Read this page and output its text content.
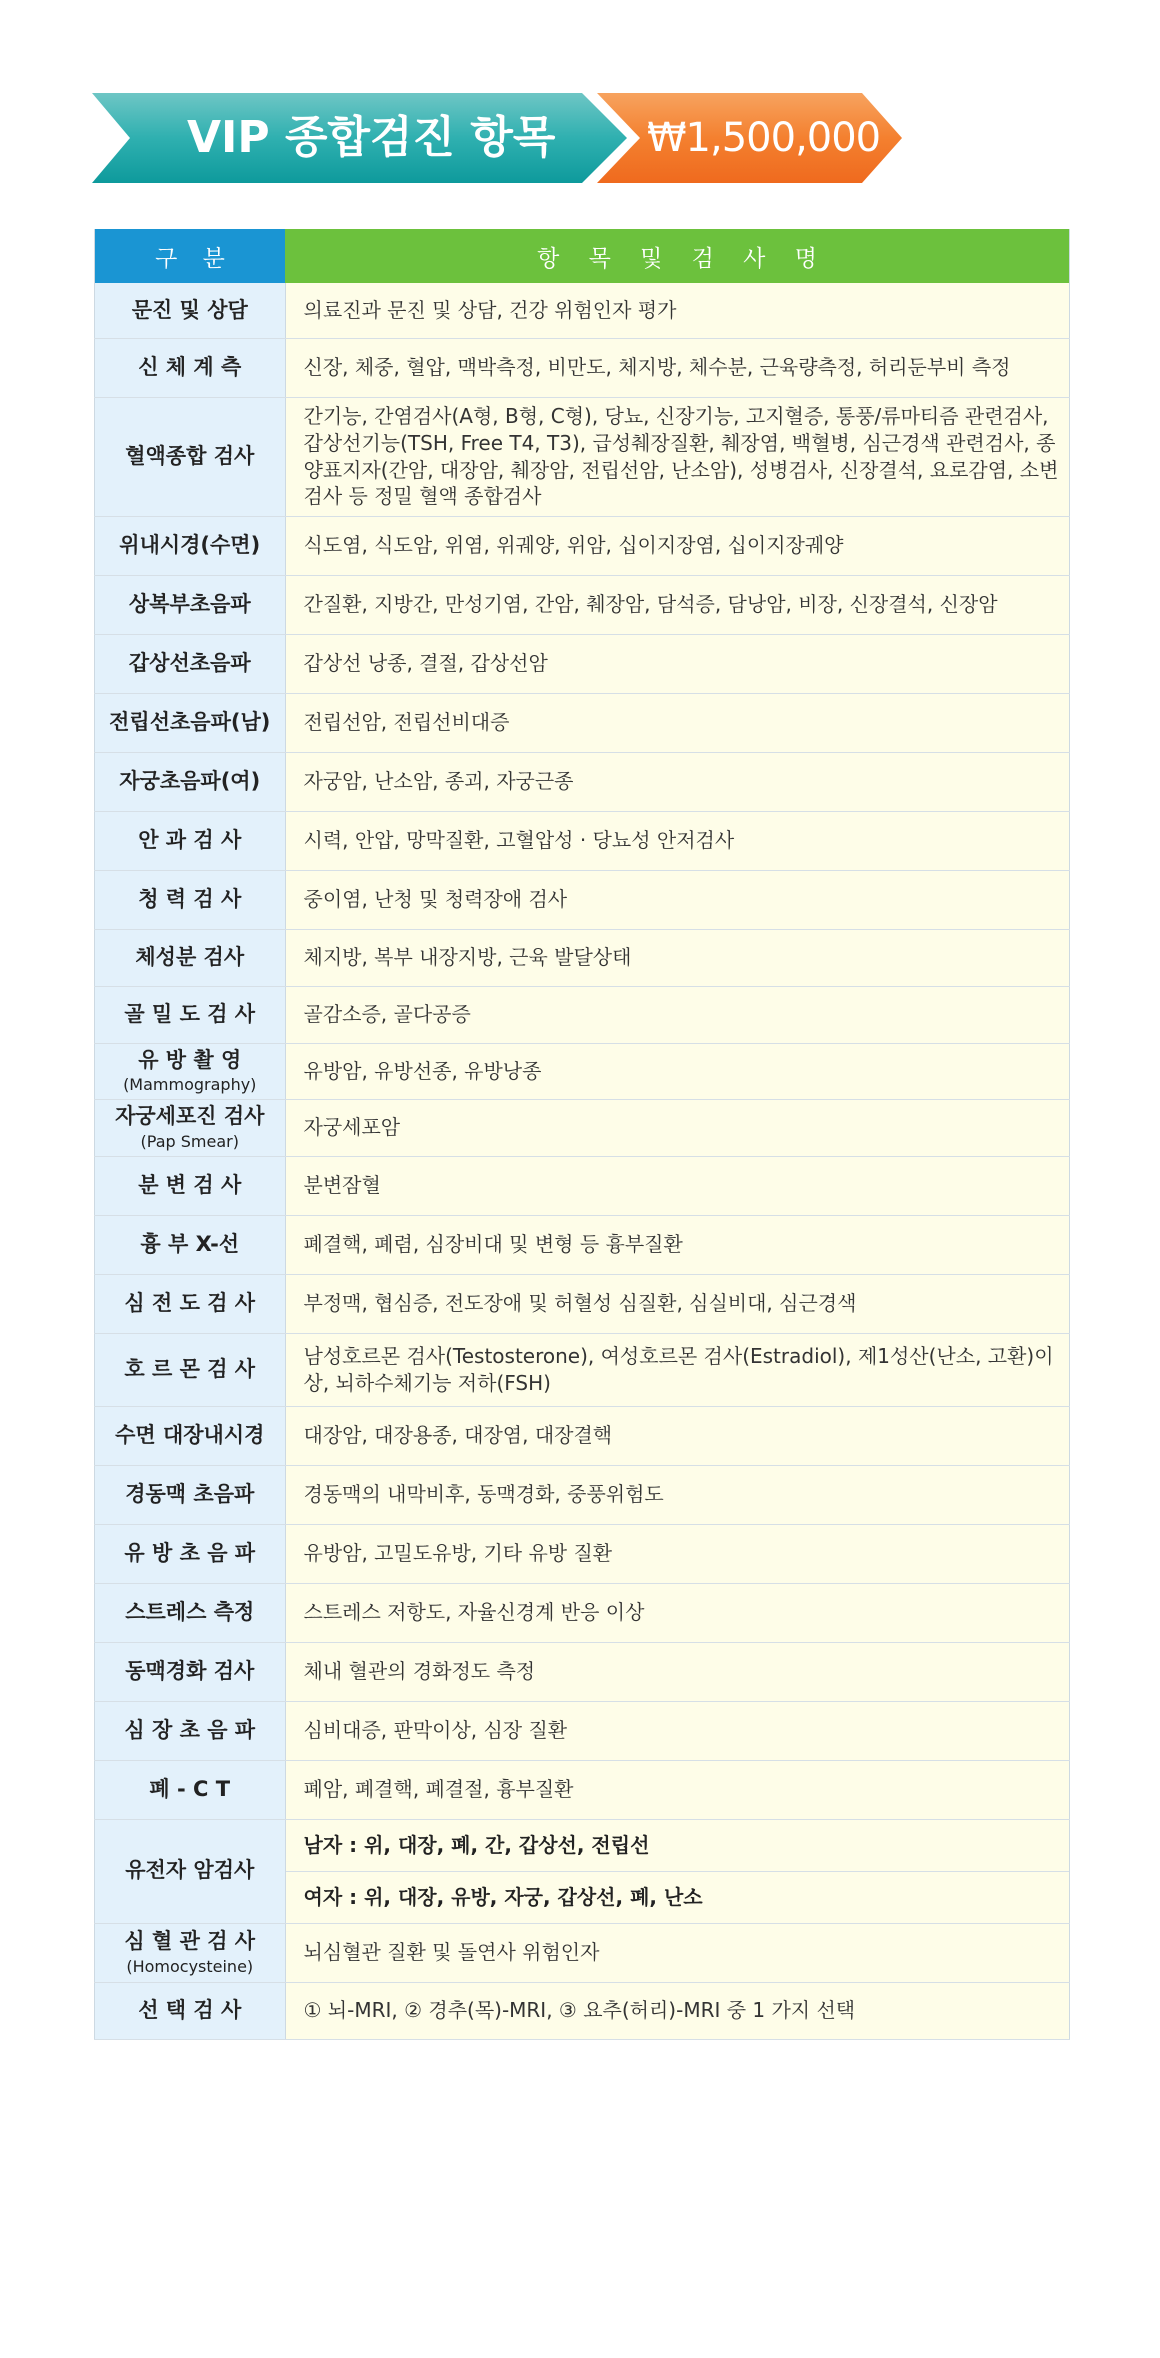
VIP 종합검진 항목 ₩1,500,000
구 분	항 목 및 검 사 명
문진 및 상담	의료진과 문진 및 상담, 건강 위험인자 평가
신 체 계 측	신장, 체중, 혈압, 맥박측정, 비만도, 체지방, 체수분, 근육량측정, 허리둔부비 측정
혈액종합 검사	간기능, 간염검사(A형, B형, C형), 당뇨, 신장기능, 고지혈증, 통풍/류마티즘 관련검사, 갑상선기능(TSH, Free T4, T3), 급성췌장질환, 췌장염, 백혈병, 심근경색 관련검사, 종양표지자(간암, 대장암, 췌장암, 전립선암, 난소암), 성병검사, 신장결석, 요로감염, 소변 검사 등 정밀 혈액 종합검사
위내시경(수면)	식도염, 식도암, 위염, 위궤양, 위암, 십이지장염, 십이지장궤양
상복부초음파	간질환, 지방간, 만성기염, 간암, 췌장암, 담석증, 담낭암, 비장, 신장결석, 신장암
갑상선초음파	갑상선 낭종, 결절, 갑상선암
전립선초음파(남)	전립선암, 전립선비대증
자궁초음파(여)	자궁암, 난소암, 종괴, 자궁근종
안 과 검 사	시력, 안압, 망막질환, 고혈압성 · 당뇨성 안저검사
청 력 검 사	중이염, 난청 및 청력장애 검사
체성분 검사	체지방, 복부 내장지방, 근육 발달상태
골 밀 도 검 사	골감소증, 골다공증
유 방 촬 영
(Mammography)	유방암, 유방선종, 유방낭종
자궁세포진 검사
(Pap Smear)	자궁세포암
분 변 검 사	분변잠혈
흉 부 X-선	폐결핵, 폐렴, 심장비대 및 변형 등 흉부질환
심 전 도 검 사	부정맥, 협심증, 전도장애 및 허혈성 심질환, 심실비대, 심근경색
호 르 몬 검 사	남성호르몬 검사(Testosterone), 여성호르몬 검사(Estradiol), 제1성산(난소, 고환)이상, 뇌하수체기능 저하(FSH)
수면 대장내시경	대장암, 대장용종, 대장염, 대장결핵
경동맥 초음파	경동맥의 내막비후, 동맥경화, 중풍위험도
유 방 초 음 파	유방암, 고밀도유방, 기타 유방 질환
스트레스 측정	스트레스 저항도, 자율신경계 반응 이상
동맥경화 검사	체내 혈관의 경화정도 측정
심 장 초 음 파	심비대증, 판막이상, 심장 질환
폐 - C T	폐암, 폐결핵, 폐결절, 흉부질환
유전자 암검사	남자 : 위, 대장, 폐, 간, 갑상선, 전립선
여자 : 위, 대장, 유방, 자궁, 갑상선, 폐, 난소

심 혈 관 검 사
(Homocysteine)	뇌심혈관 질환 및 돌연사 위험인자
선 택 검 사	① 뇌-MRI, ② 경추(목)-MRI, ③ 요추(허리)-MRI 중 1 가지 선택
